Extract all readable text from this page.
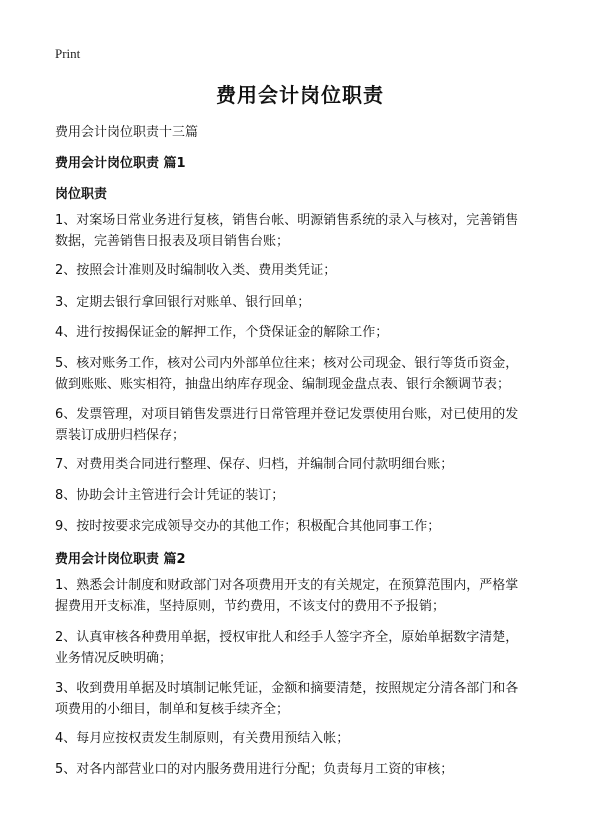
Print
费用会计岗位职责
费用会计岗位职责十三篇
费用会计岗位职责 篇1
岗位职责
1、对案场日常业务进行复核，销售台帐、明源销售系统的录入与核对，完善销售
数据，完善销售日报表及项目销售台账；
2、按照会计准则及时编制收入类、费用类凭证；
3、定期去银行拿回银行对账单、银行回单；
4、进行按揭保证金的解押工作，个贷保证金的解除工作；
5、核对账务工作，核对公司内外部单位往来；核对公司现金、银行等货币资金，
做到账账、账实相符，抽盘出纳库存现金、编制现金盘点表、银行余额调节表；
6、发票管理，对项目销售发票进行日常管理并登记发票使用台账，对已使用的发
票装订成册归档保存；
7、对费用类合同进行整理、保存、归档，并编制合同付款明细台账；
8、协助会计主管进行会计凭证的装订；
9、按时按要求完成领导交办的其他工作；积极配合其他同事工作；
费用会计岗位职责 篇2
1、熟悉会计制度和财政部门对各项费用开支的有关规定，在预算范围内，严格掌
握费用开支标准，坚持原则，节约费用，不该支付的费用不予报销；
2、认真审核各种费用单据，授权审批人和经手人签字齐全，原始单据数字清楚，
业务情况反映明确；
3、收到费用单据及时填制记帐凭证，金额和摘要清楚，按照规定分清各部门和各
项费用的小细目，制单和复核手续齐全；
4、每月应按权责发生制原则，有关费用预结入帐；
5、对各内部营业口的对内服务费用进行分配；负责每月工资的审核；
